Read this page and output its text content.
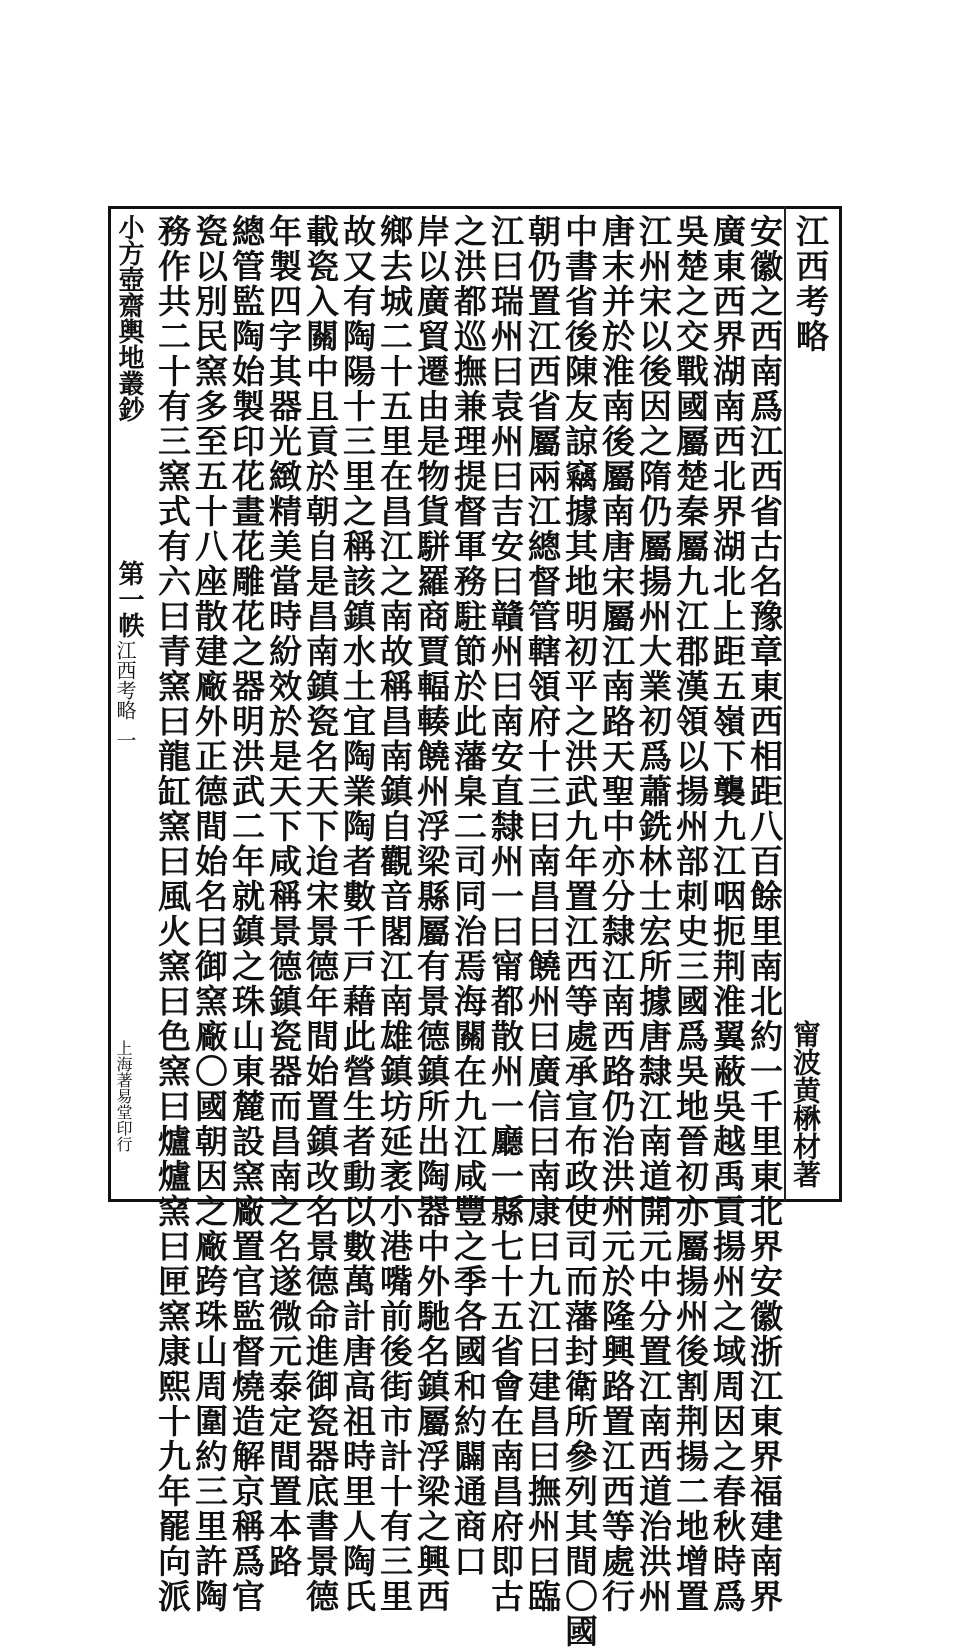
江西考略
甯波黄楙材著
安徽之西南爲江西省古名豫章東西相距八百餘里南北約一千里東北界安徽浙江東界福建南界
廣東西界湖南西北界湖北上距五嶺下襲九江咽扼荆淮翼蔽吳越禹貢揚州之域周因之春秋時爲
吳楚之交戰國屬楚秦屬九江郡漢領以揚州部刺史三國爲吳地晉初亦屬揚州後割荆揚二地增置
江州宋以後因之隋仍屬揚州大業初爲蕭銑林士宏所據唐隸江南道開元中分置江南西道治洪州
唐末并於淮南後屬南唐宋屬江南路天聖中亦分隸江南西路仍治洪州元於隆興路置江西等處行
中書省後陳友諒竊據其地明初平之洪武九年置江西等處承宣布政使司而藩封衛所參列其間〇國
朝仍置江西省屬兩江總督管轄領府十三曰南昌曰饒州曰廣信曰南康曰九江曰建昌曰撫州曰臨
江曰瑞州曰袁州曰吉安曰贛州曰南安直隸州一曰甯都散州一廳一縣七十五省會在南昌府即古
之洪都巡撫兼理提督軍務駐節於此藩臬二司同治焉海關在九江咸豐之季各國和約闢通商口
岸以廣貿遷由是物貨駢羅商賈輻輳饒州浮梁縣屬有景德鎮所出陶器中外馳名鎮屬浮梁之興西
鄉去城二十五里在昌江之南故稱昌南鎮自觀音閣江南雄鎮坊延袤小港嘴前後街市計十有三里
故又有陶陽十三里之稱該鎮水土宜陶業陶者數千戸藉此營生者動以數萬計唐高祖時里人陶氏
載瓷入關中且貢於朝自是昌南鎮瓷名天下迨宋景德年間始置鎮改名景德命進御瓷器底書景德
年製四字其器光緻精美當時紛效於是天下咸稱景德鎮瓷器而昌南之名遂微元泰定間置本路
總管監陶始製印花畫花雕花之器明洪武二年就鎮之珠山東麓設窯廠置官監督燒造解京稱爲官
瓷以別民窯多至五十八座散建廠外正德間始名曰御窯廠〇國朝因之廠跨珠山周圍約三里許陶
務作共二十有三窯式有六曰青窯曰龍缸窯曰風火窯曰色窯曰爐爐窯曰匣窯康熙十九年罷向派
小方壺齋輿地叢鈔
第一帙
江西考略
一
上海著易堂印行
